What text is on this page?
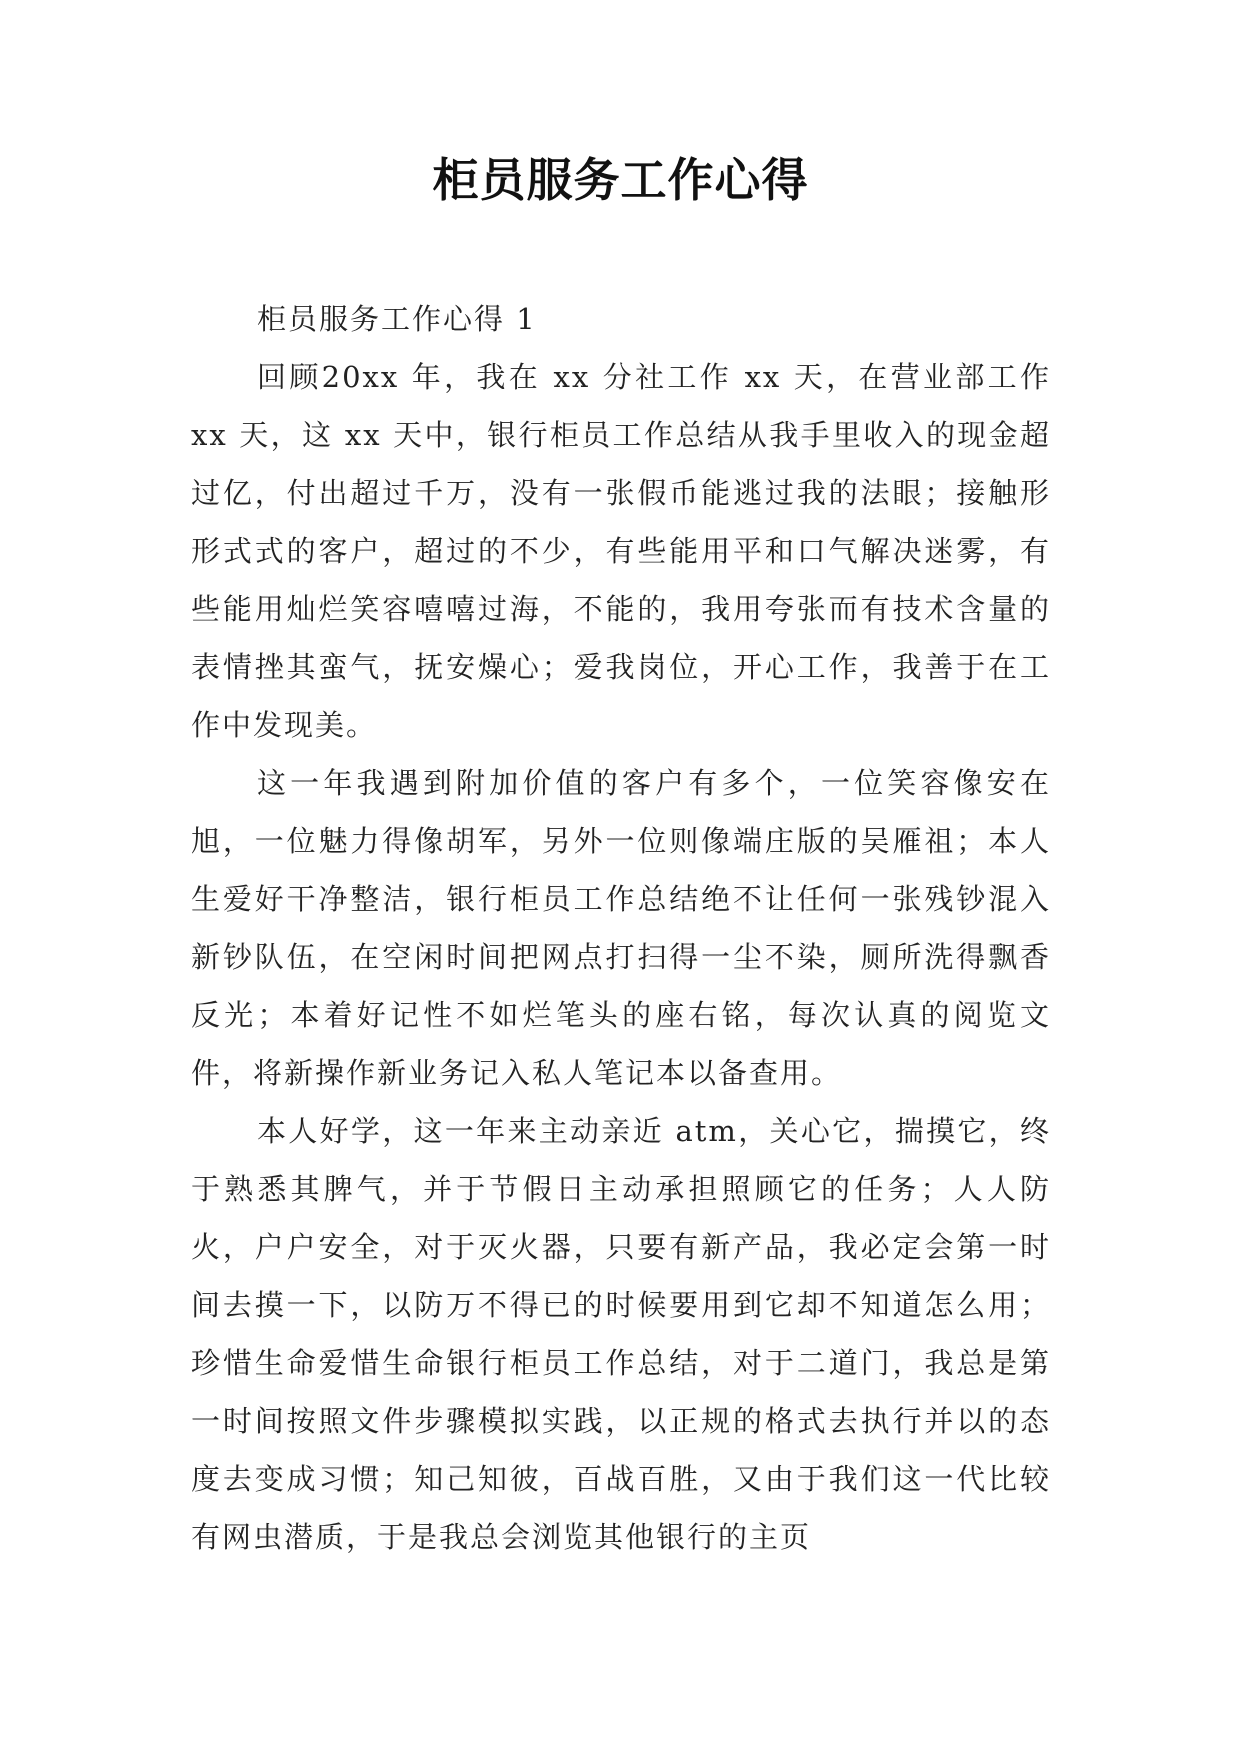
柜员服务工作心得

柜员服务工作心得 1

回顾20xx 年，我在 xx 分社工作 xx 天，在营业部工作 xx 天，这 xx 天中，银行柜员工作总结从我手里收入的现金超过亿，付出超过千万，没有一张假币能逃过我的法眼；接触形形式式的客户，超过的不少，有些能用平和口气解决迷雾，有些能用灿烂笑容嘻嘻过海，不能的，我用夸张而有技术含量的表情挫其蛮气，抚安燥心；爱我岗位，开心工作，我善于在工作中发现美。

这一年我遇到附加价值的客户有多个，一位笑容像安在旭，一位魅力得像胡军，另外一位则像端庄版的吴雁祖；本人生爱好干净整洁，银行柜员工作总结绝不让任何一张残钞混入新钞队伍，在空闲时间把网点打扫得一尘不染，厕所洗得飘香反光；本着好记性不如烂笔头的座右铭，每次认真的阅览文件，将新操作新业务记入私人笔记本以备查用。

本人好学，这一年来主动亲近 atm，关心它，揣摸它，终于熟悉其脾气，并于节假日主动承担照顾它的任务；人人防火，户户安全，对于灭火器，只要有新产品，我必定会第一时间去摸一下，以防万不得已的时候要用到它却不知道怎么用；珍惜生命爱惜生命银行柜员工作总结，对于二道门，我总是第一时间按照文件步骤模拟实践，以正规的格式去执行并以的态度去变成习惯；知己知彼，百战百胜，又由于我们这一代比较有网虫潜质，于是我总会浏览其他银行的主页
